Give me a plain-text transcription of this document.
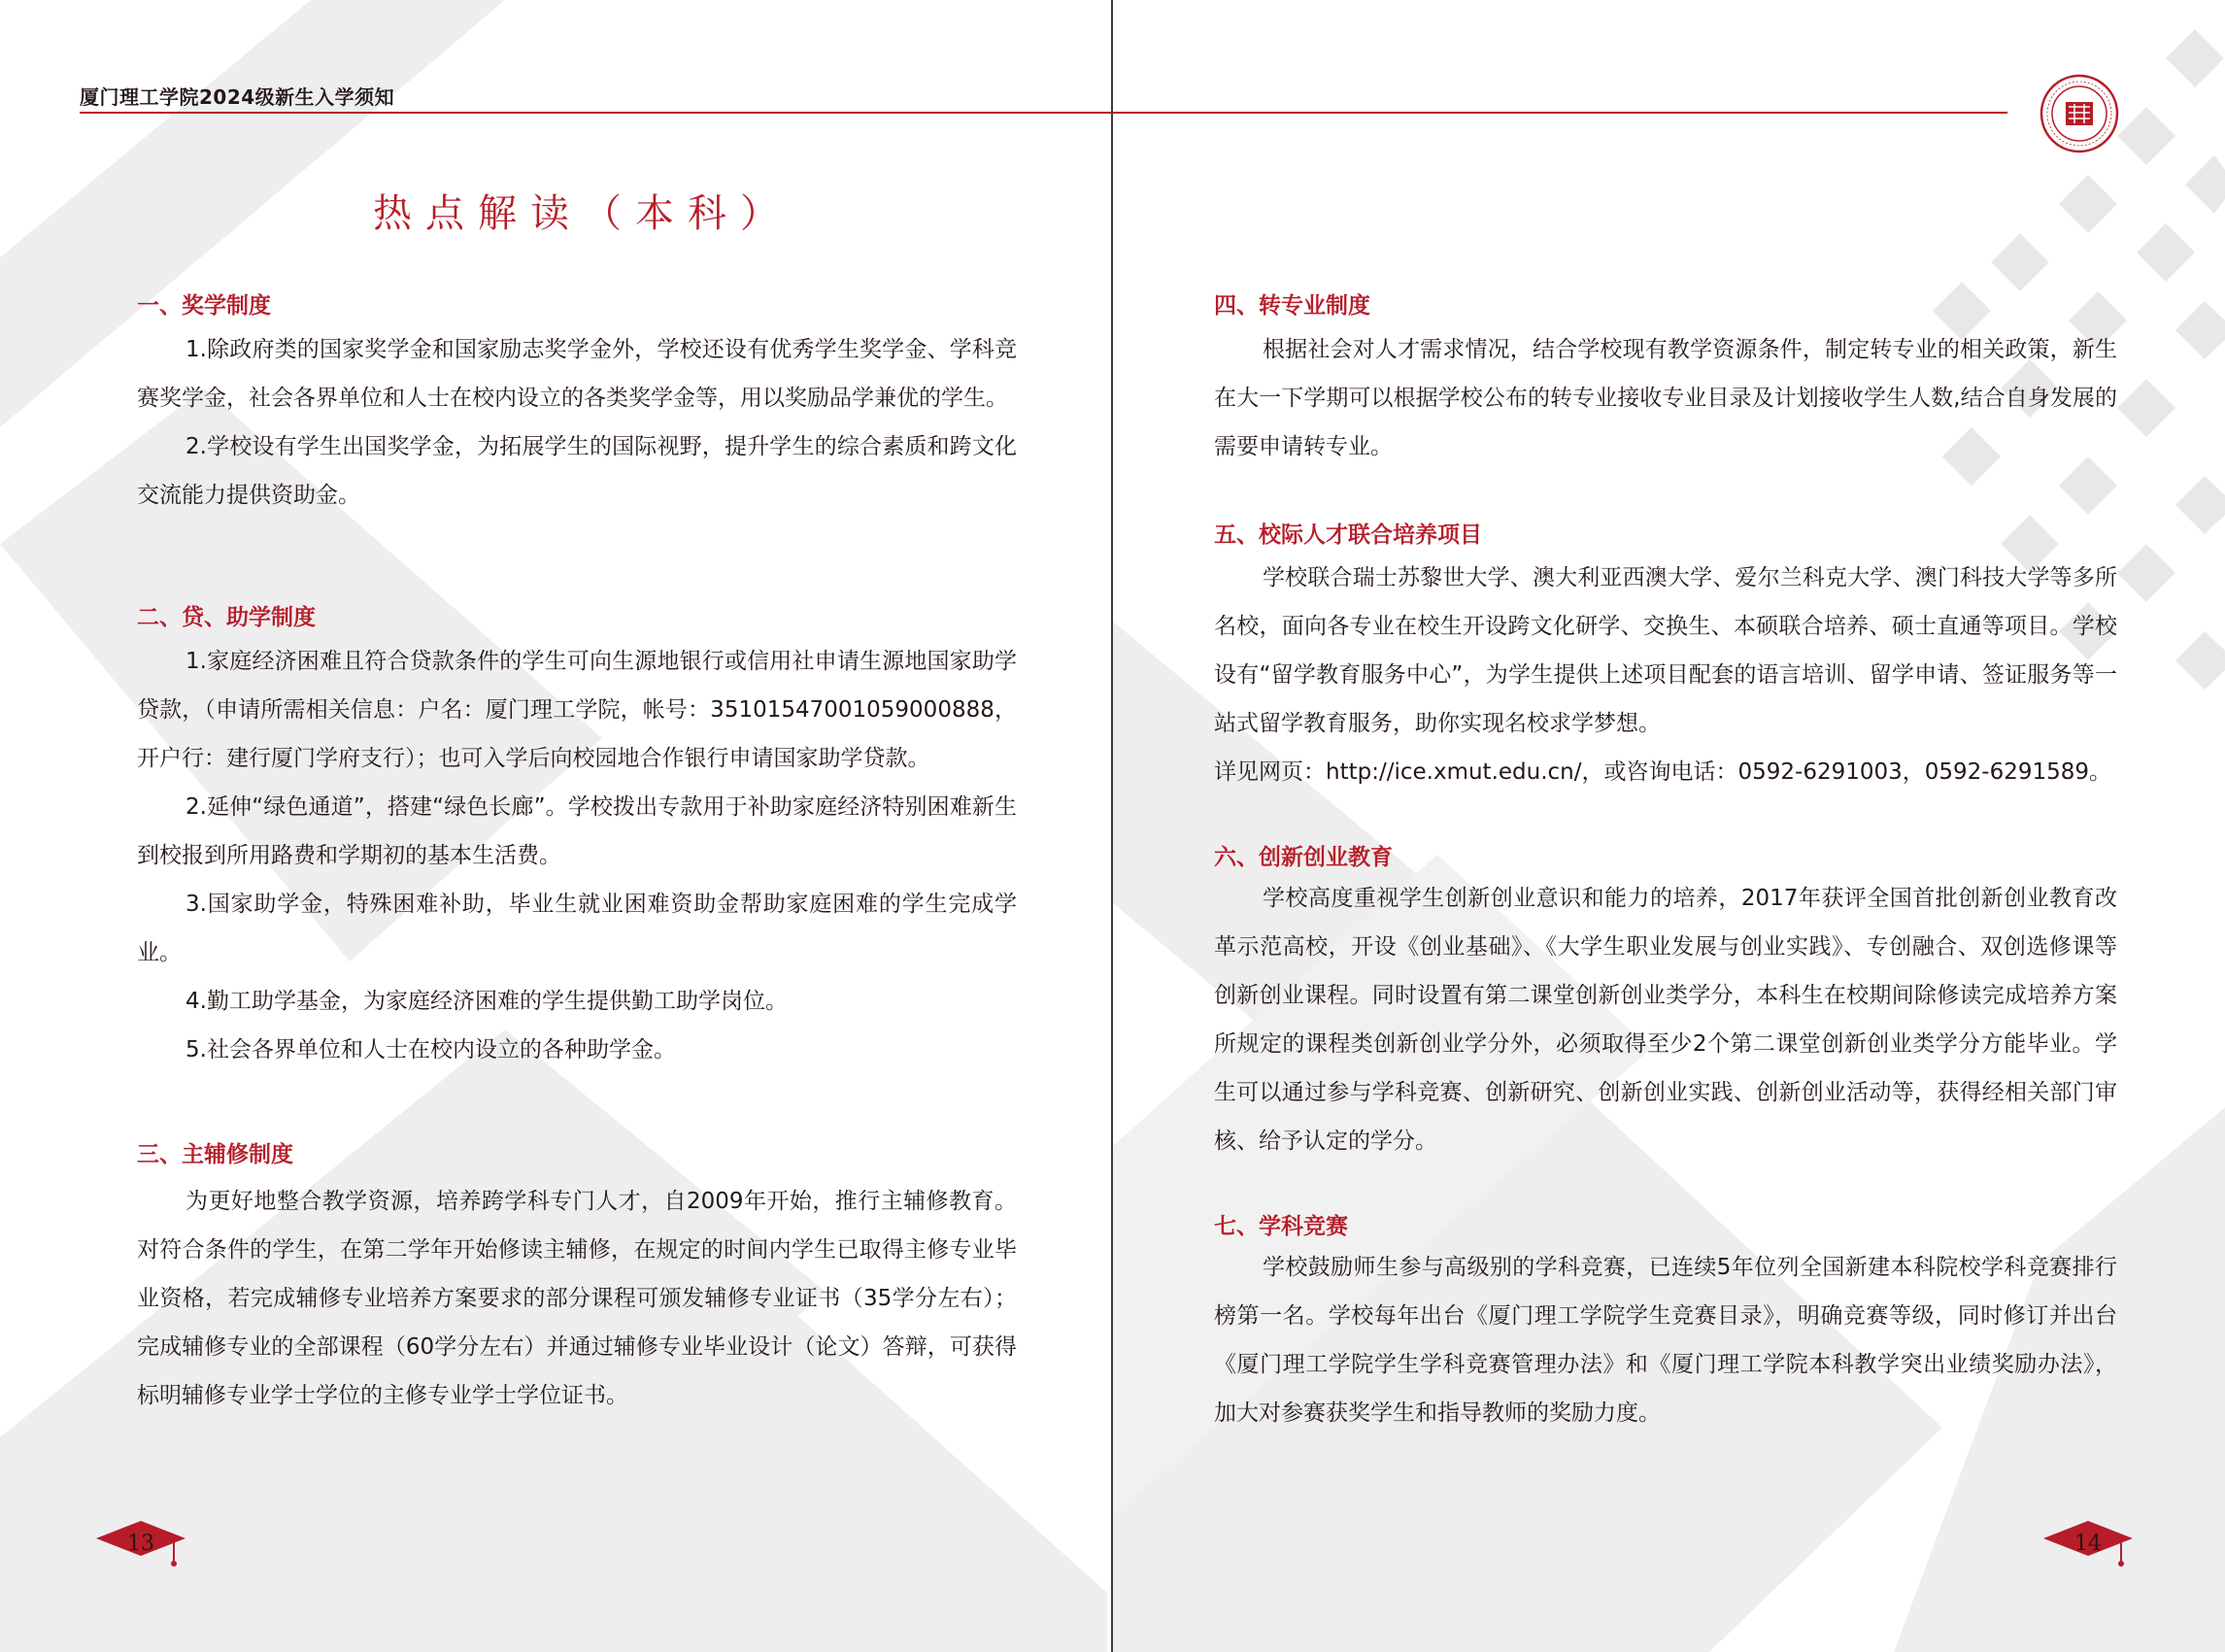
厦门理工学院2024级新生入学须知
热点解读（本科）
一、奖学制度

1.除政府类的国家奖学金和国家励志奖学金外，学校还设有优秀学生奖学金、学科竞赛奖学金，社会各界单位和人士在校内设立的各类奖学金等，用以奖励品学兼优的学生。

2.学校设有学生出国奖学金，为拓展学生的国际视野，提升学生的综合素质和跨文化交流能力提供资助金。

二、贷、助学制度

1.家庭经济困难且符合贷款条件的学生可向生源地银行或信用社申请生源地国家助学贷款，（申请所需相关信息：户名：厦门理工学院，帐号：35101547001059000888，开户行：建行厦门学府支行）；也可入学后向校园地合作银行申请国家助学贷款。

2.延伸“绿色通道”，搭建“绿色长廊”。学校拨出专款用于补助家庭经济特别困难新生到校报到所用路费和学期初的基本生活费。

3.国家助学金，特殊困难补助，毕业生就业困难资助金帮助家庭困难的学生完成学业。

4.勤工助学基金，为家庭经济困难的学生提供勤工助学岗位。

5.社会各界单位和人士在校内设立的各种助学金。

三、主辅修制度

为更好地整合教学资源，培养跨学科专门人才，自2009年开始，推行主辅修教育。对符合条件的学生，在第二学年开始修读主辅修，在规定的时间内学生已取得主修专业毕业资格，若完成辅修专业培养方案要求的部分课程可颁发辅修专业证书（35学分左右）；完成辅修专业的全部课程（60学分左右）并通过辅修专业毕业设计（论文）答辩，可获得标明辅修专业学士学位的主修专业学士学位证书。

四、转专业制度

根据社会对人才需求情况，结合学校现有教学资源条件，制定转专业的相关政策，新生在大一下学期可以根据学校公布的转专业接收专业目录及计划接收学生人数,结合自身发展的需要申请转专业。

五、校际人才联合培养项目

学校联合瑞士苏黎世大学、澳大利亚西澳大学、爱尔兰科克大学、澳门科技大学等多所名校，面向各专业在校生开设跨文化研学、交换生、本硕联合培养、硕士直通等项目。学校设有“留学教育服务中心”，为学生提供上述项目配套的语言培训、留学申请、签证服务等一站式留学教育服务，助你实现名校求学梦想。

详见网页：http://ice.xmut.edu.cn/，或咨询电话：0592-6291003，0592-6291589。

六、创新创业教育

学校高度重视学生创新创业意识和能力的培养，2017年获评全国首批创新创业教育改革示范高校，开设《创业基础》、《大学生职业发展与创业实践》、专创融合、双创选修课等创新创业课程。同时设置有第二课堂创新创业类学分，本科生在校期间除修读完成培养方案所规定的课程类创新创业学分外，必须取得至少2个第二课堂创新创业类学分方能毕业。学生可以通过参与学科竞赛、创新研究、创新创业实践、创新创业活动等，获得经相关部门审核、给予认定的学分。

七、学科竞赛

学校鼓励师生参与高级别的学科竞赛，已连续5年位列全国新建本科院校学科竞赛排行榜第一名。学校每年出台《厦门理工学院学生竞赛目录》，明确竞赛等级，同时修订并出台《厦门理工学院学生学科竞赛管理办法》和《厦门理工学院本科教学突出业绩奖励办法》，加大对参赛获奖学生和指导教师的奖励力度。

13	14
